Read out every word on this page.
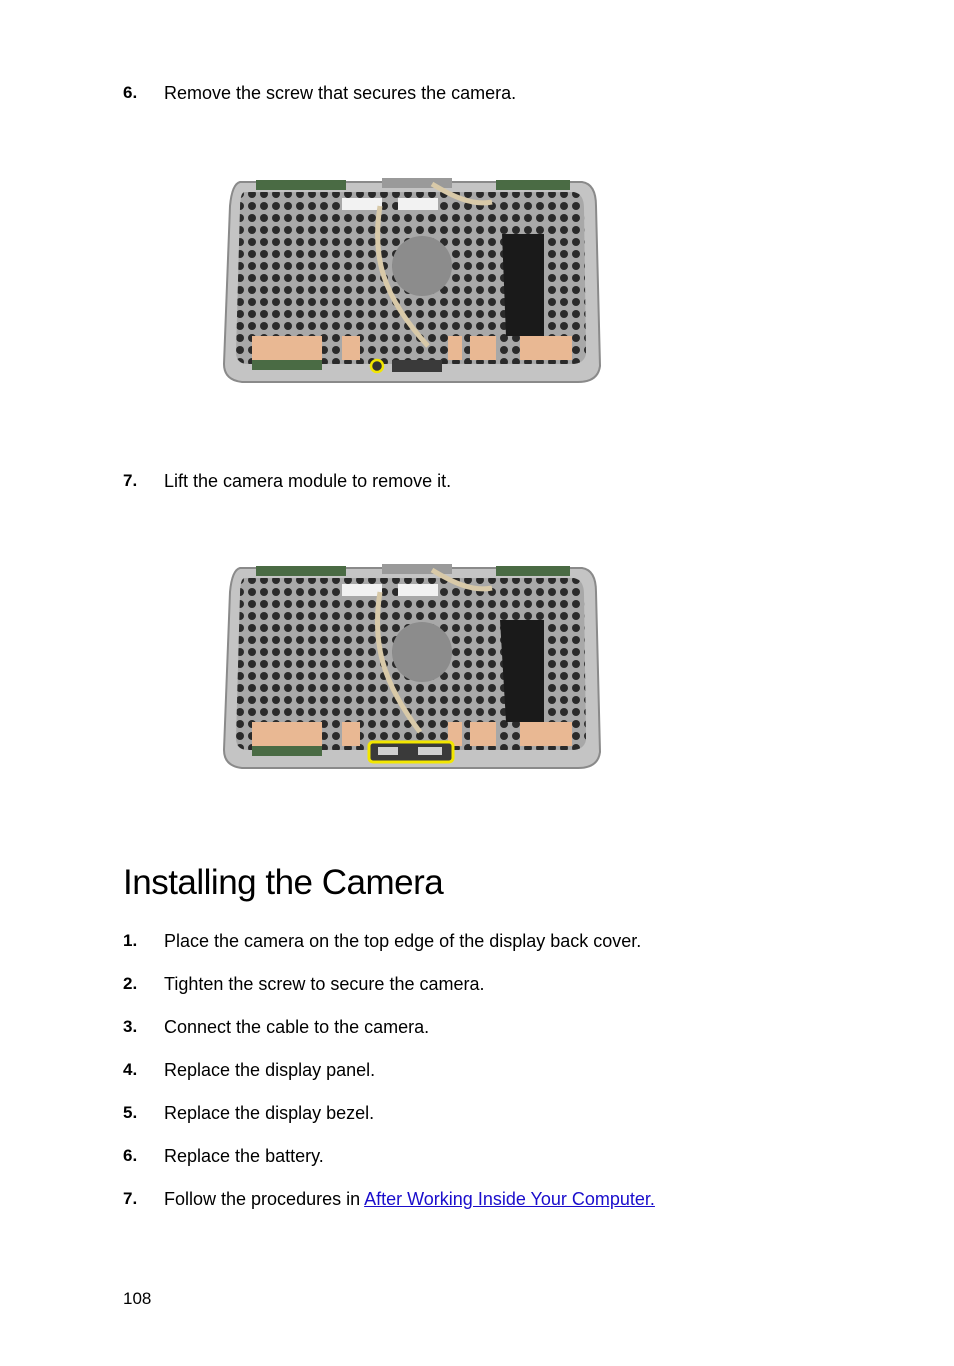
6. Remove the screw that secures the camera.
7. Lift the camera module to remove it.
Installing the Camera
1. Place the camera on the top edge of the display back cover.
2. Tighten the screw to secure the camera.
3. Connect the cable to the camera.
4. Replace the display panel.
5. Replace the display bezel.
6. Replace the battery.
7. Follow the procedures in After Working Inside Your Computer.
108
